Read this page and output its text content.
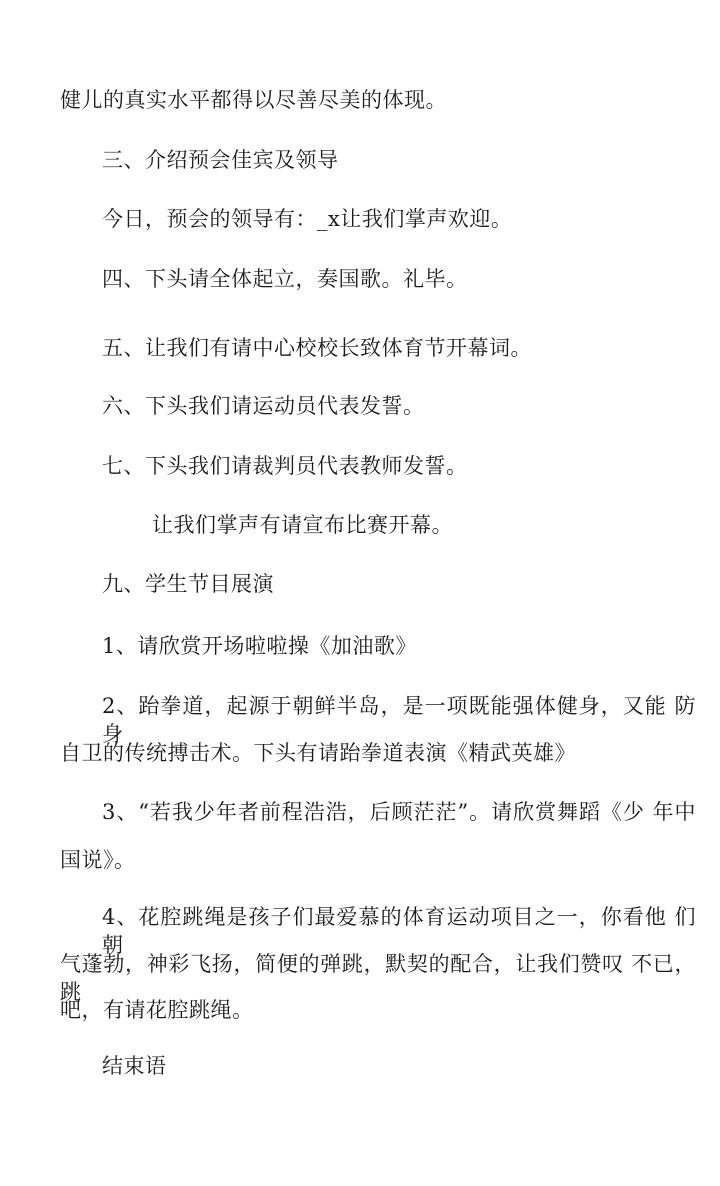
健儿的真实水平都得以尽善尽美的体现。
三、介绍预会佳宾及领导
今日，预会的领导有：_x让我们掌声欢迎。
四、下头请全体起立，奏国歌。礼毕。
五、让我们有请中心校校长致体育节开幕词。
六、下头我们请运动员代表发誓。
七、下头我们请裁判员代表教师发誓。
让我们掌声有请宣布比赛开幕。
九、学生节目展演
1、请欣赏开场啦啦操《加油歌》
2、跆拳道，起源于朝鲜半岛，是一项既能强体健身，又能 防身
自卫的传统搏击术。下头有请跆拳道表演《精武英雄》
3、“若我少年者前程浩浩，后顾茫茫”。请欣赏舞蹈《少 年中
国说》。
4、花腔跳绳是孩子们最爱慕的体育运动项目之一，你看他 们朝
气蓬勃，神彩飞扬，简便的弹跳，默契的配合，让我们赞叹 不已，跳
吧，有请花腔跳绳。
结束语
